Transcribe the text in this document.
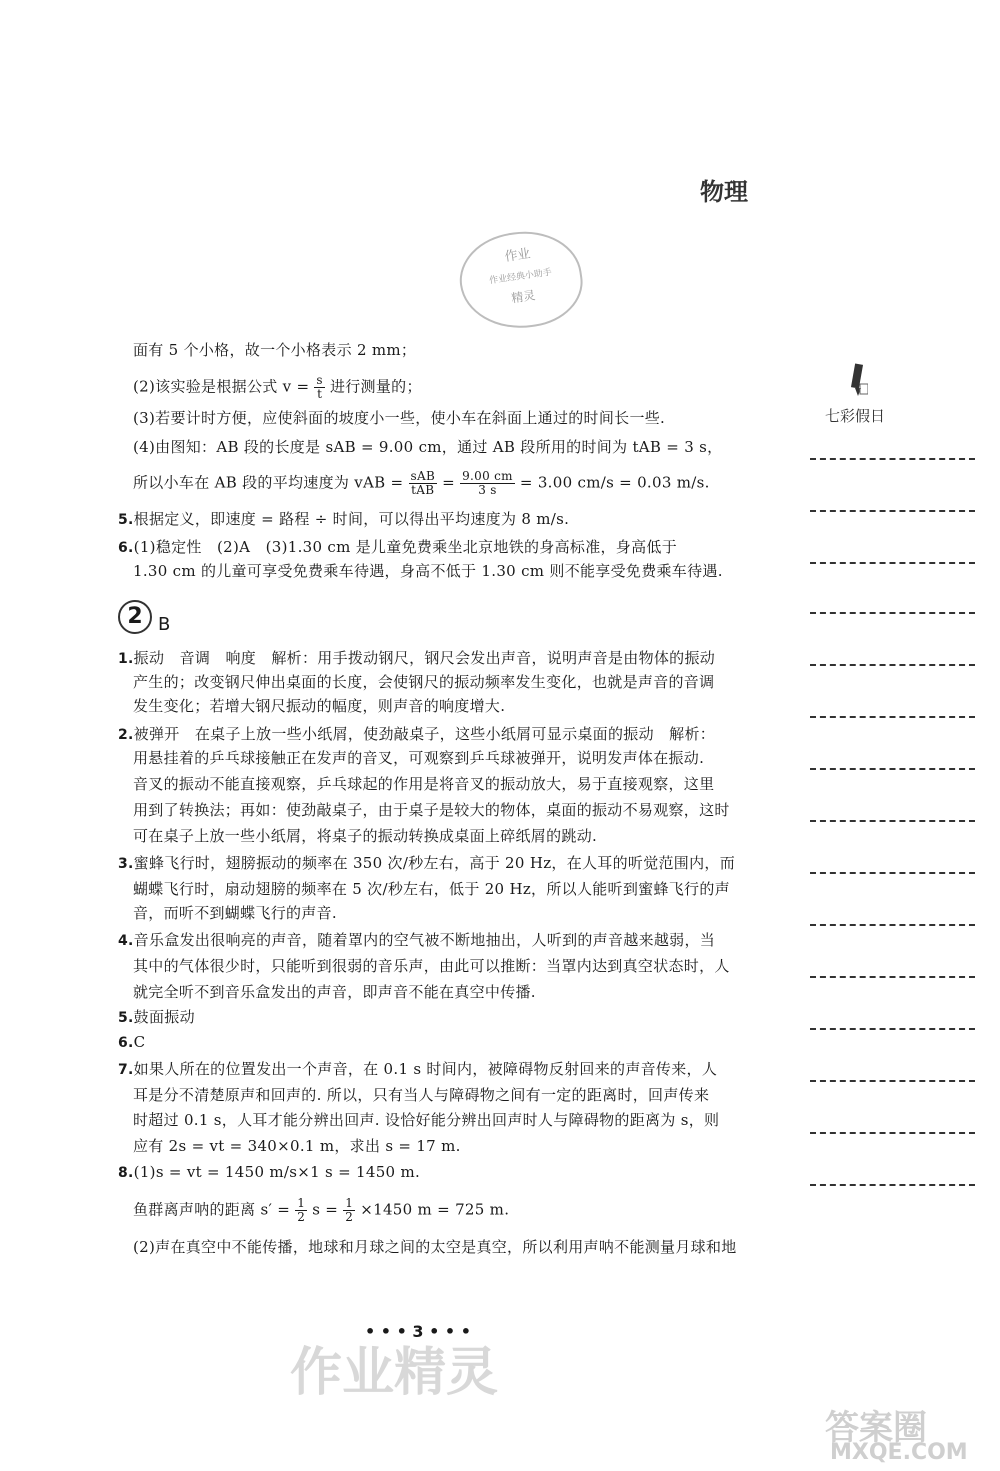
物理
作业
作业经典小助手
精灵
七彩假日
面有 5 个小格，故一个小格表示 2 mm；
(2)该实验是根据公式 $v = \frac{s}{t}$ 进行测量的；
(3)若要计时方便，应使斜面的坡度小一些，使小车在斜面上通过的时间长一些.
(4)由图知：AB 段的长度是 sAB = 9.00 cm，通过 AB 段所用的时间为 tAB = 3 s，
所以小车在 AB 段的平均速度为 vAB = $\frac{\text{sAB}}{\text{tAB}} = \frac{9.00 cm}{3 s} = 3.00$ cm/s = 0.03 m/s.
5.根据定义，即速度 = 路程 ÷ 时间，可以得出平均速度为 8 m/s.
6.(1)稳定性　(2)A　(3)1.30 cm 是儿童免费乘坐北京地铁的身高标准，身高低于
1.30 cm 的儿童可享受免费乘车待遇，身高不低于 1.30 cm 则不能享受免费乘车待遇.
2 B
1.振动　音调　响度　解析：用手拨动钢尺，钢尺会发出声音，说明声音是由物体的振动
产生的；改变钢尺伸出桌面的长度，会使钢尺的振动频率发生变化，也就是声音的音调
发生变化；若增大钢尺振动的幅度，则声音的响度增大.
2.被弹开　在桌子上放一些小纸屑，使劲敲桌子，这些小纸屑可显示桌面的振动　解析：
用悬挂着的乒乓球接触正在发声的音叉，可观察到乒乓球被弹开，说明发声体在振动.
音叉的振动不能直接观察，乒乓球起的作用是将音叉的振动放大，易于直接观察，这里
用到了转换法；再如：使劲敲桌子，由于桌子是较大的物体，桌面的振动不易观察，这时
可在桌子上放一些小纸屑，将桌子的振动转换成桌面上碎纸屑的跳动.
3.蜜蜂飞行时，翅膀振动的频率在 350 次/秒左右，高于 20 Hz，在人耳的听觉范围内，而
蝴蝶飞行时，扇动翅膀的频率在 5 次/秒左右，低于 20 Hz，所以人能听到蜜蜂飞行的声
音，而听不到蝴蝶飞行的声音.
4.音乐盒发出很响亮的声音，随着罩内的空气被不断地抽出，人听到的声音越来越弱，当
其中的气体很少时，只能听到很弱的音乐声，由此可以推断：当罩内达到真空状态时，人
就完全听不到音乐盒发出的声音，即声音不能在真空中传播.
5.鼓面振动
6.C
7.如果人所在的位置发出一个声音，在 0.1 s 时间内，被障碍物反射回来的声音传来，人
耳是分不清楚原声和回声的. 所以，只有当人与障碍物之间有一定的距离时，回声传来
时超过 0.1 s，人耳才能分辨出回声. 设恰好能分辨出回声时人与障碍物的距离为 s，则
应有 2s = vt = 340×0.1 m，求出 s = 17 m.
8.(1)s = vt = 1450 m/s×1 s = 1450 m.
鱼群离声呐的距离 $s' = \frac{1}{2}$ $s = \frac{1}{2} \times 1450$ m = 725 m.
(2)声在真空中不能传播，地球和月球之间的太空是真空，所以利用声呐不能测量月球和地
• • • 3 • • •
作业精灵
答案圈
MXQE.COM
